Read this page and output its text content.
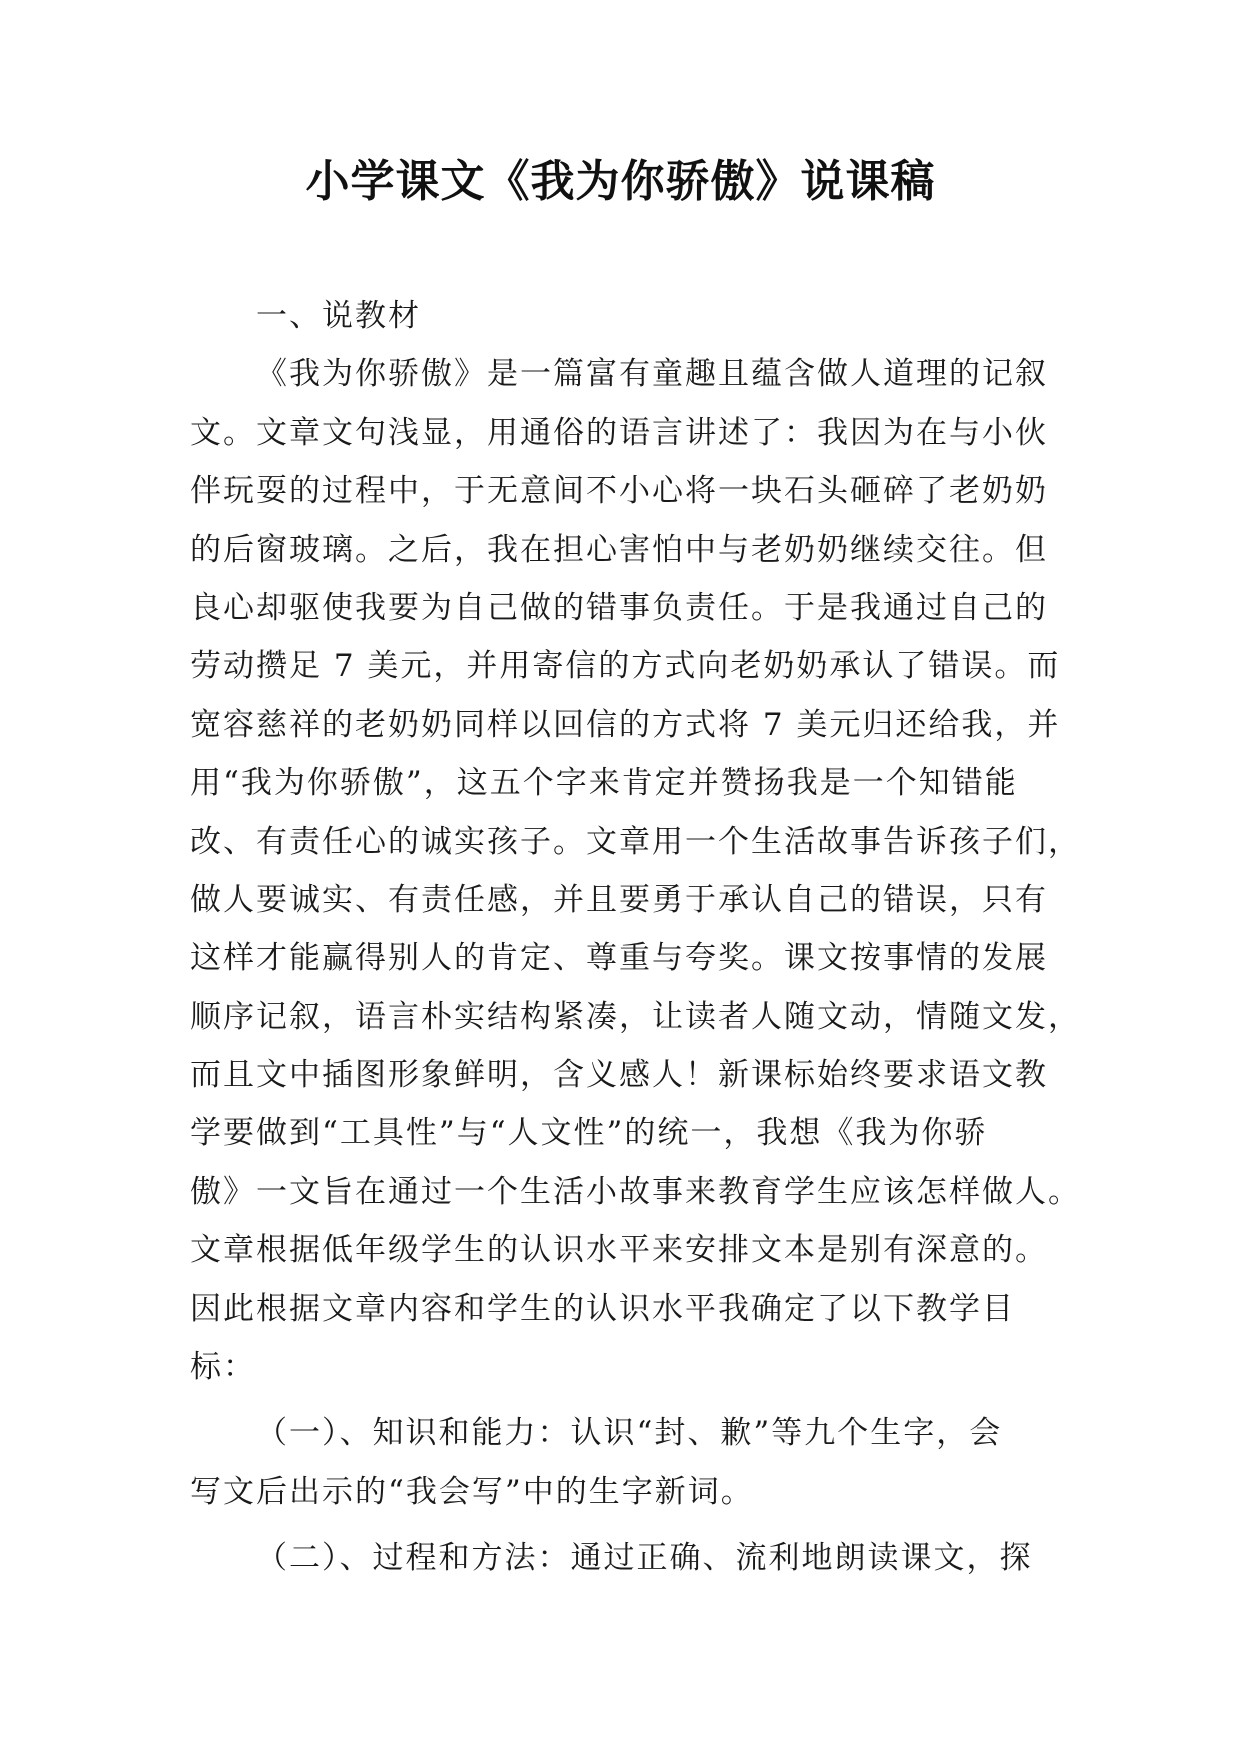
小学课文《我为你骄傲》说课稿
一、说教材
《我为你骄傲》是一篇富有童趣且蕴含做人道理的记叙
文。文章文句浅显，用通俗的语言讲述了：我因为在与小伙
伴玩耍的过程中，于无意间不小心将一块石头砸碎了老奶奶
的后窗玻璃。之后，我在担心害怕中与老奶奶继续交往。但
良心却驱使我要为自己做的错事负责任。于是我通过自己的
劳动攒足 7 美元，并用寄信的方式向老奶奶承认了错误。而
宽容慈祥的老奶奶同样以回信的方式将 7 美元归还给我，并
用“我为你骄傲”，这五个字来肯定并赞扬我是一个知错能
改、有责任心的诚实孩子。文章用一个生活故事告诉孩子们，
做人要诚实、有责任感，并且要勇于承认自己的错误，只有
这样才能赢得别人的肯定、尊重与夸奖。课文按事情的发展
顺序记叙，语言朴实结构紧凑，让读者人随文动，情随文发，
而且文中插图形象鲜明，含义感人！新课标始终要求语文教
学要做到“工具性”与“人文性”的统一，我想《我为你骄
傲》一文旨在通过一个生活小故事来教育学生应该怎样做人。
文章根据低年级学生的认识水平来安排文本是别有深意的。
因此根据文章内容和学生的认识水平我确定了以下教学目
标：
（一）、知识和能力：认识“封、歉”等九个生字，会
写文后出示的“我会写”中的生字新词。
（二）、过程和方法：通过正确、流利地朗读课文，探
